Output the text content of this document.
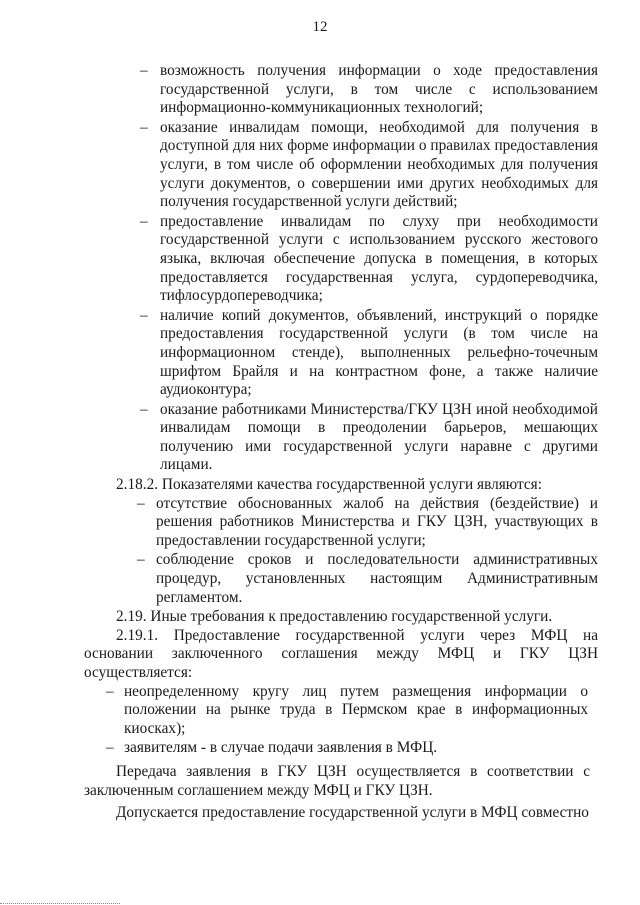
12
– возможность получения информации о ходе предоставления государственной услуги, в том числе с использованием информационно-коммуникационных технологий;
– оказание инвалидам помощи, необходимой для получения в доступной для них форме информации о правилах предоставления услуги, в том числе об оформлении необходимых для получения услуги документов, о совершении ими других необходимых для получения государственной услуги действий;
– предоставление инвалидам по слуху при необходимости государственной услуги с использованием русского жестового языка, включая обеспечение допуска в помещения, в которых предоставляется государственная услуга, сурдопереводчика, тифлосурдопереводчика;
– наличие копий документов, объявлений, инструкций о порядке предоставления государственной услуги (в том числе на информационном стенде), выполненных рельефно-точечным шрифтом Брайля и на контрастном фоне, а также наличие аудиоконтура;
– оказание работниками Министерства/ГКУ ЦЗН иной необходимой инвалидам помощи в преодолении барьеров, мешающих получению ими государственной услуги наравне с другими лицами.
2.18.2. Показателями качества государственной услуги являются:
– отсутствие обоснованных жалоб на действия (бездействие) и решения работников Министерства и ГКУ ЦЗН, участвующих в предоставлении государственной услуги;
– соблюдение сроков и последовательности административных процедур, установленных настоящим Административным регламентом.
2.19. Иные требования к предоставлению государственной услуги.
2.19.1. Предоставление государственной услуги через МФЦ на основании заключенного соглашения между МФЦ и ГКУ ЦЗН осуществляется:
– неопределенному кругу лиц путем размещения информации о положении на рынке труда в Пермском крае в информационных киосках);
– заявителям - в случае подачи заявления в МФЦ.
Передача заявления в ГКУ ЦЗН осуществляется в соответствии с заключенным соглашением между МФЦ и ГКУ ЦЗН.
Допускается предоставление государственной услуги в МФЦ совместно
